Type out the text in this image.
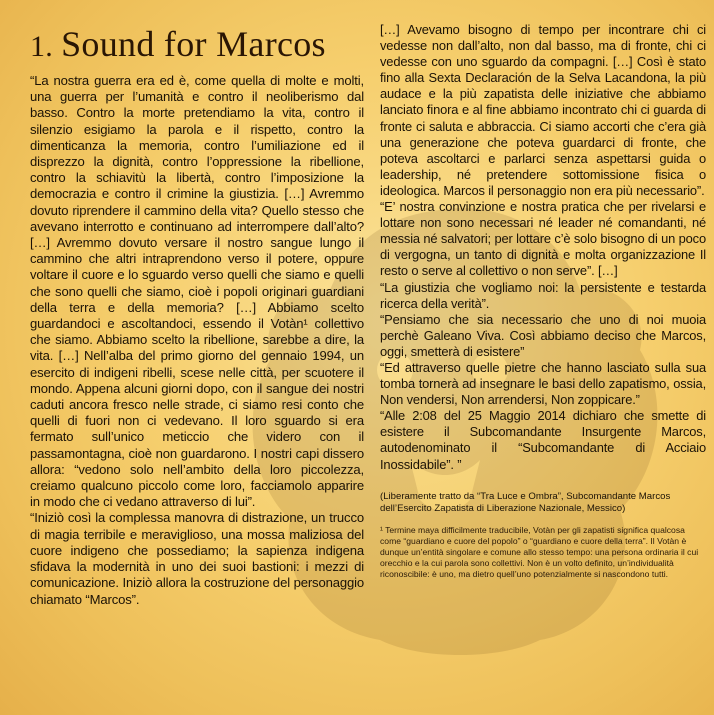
1. Sound for Marcos

“La nostra guerra era ed è, come quella di molte e molti, una guerra per l’umanità e contro il neoliberismo dal basso. Contro la morte pretendiamo la vita, contro il silenzio esigiamo la parola e il rispetto, contro la dimenticanza la memoria, contro l’umiliazione ed il disprezzo la dignità, contro l’oppressione la ribellione, contro la schiavitù la libertà, contro l’imposizione la democrazia e contro il crimine la giustizia. […] Avremmo dovuto riprendere il cammino della vita? Quello stesso che avevano interrotto e continuano ad interrompere dall’alto? […] Avremmo dovuto versare il nostro sangue lungo il cammino che altri intraprendono verso il potere, oppure voltare il cuore e lo sguardo verso quelli che siamo e quelli che sono quelli che siamo, cioè i popoli originari guardiani della terra e della memoria? […] Abbiamo scelto guardandoci e ascoltandoci, essendo il Votàn¹ collettivo che siamo. Abbiamo scelto la ribellione, sarebbe a dire, la vita. […] Nell’alba del primo giorno del gennaio 1994, un esercito di indigeni ribelli, scese nelle città, per scuotere il mondo. Appena alcuni giorni dopo, con il sangue dei nostri caduti ancora fresco nelle strade, ci siamo resi conto che quelli di fuori non ci vedevano. Il loro sguardo si era fermato sull’unico meticcio che videro con il passamontagna, cioè non guardarono. I nostri capi dissero allora: “vedono solo nell’ambito della loro piccolezza, creiamo qualcuno piccolo come loro, facciamolo apparire in modo che ci vedano attraverso di lui”.

“Iniziò così la complessa manovra di distrazione, un trucco di magia terribile e meraviglioso, una mossa maliziosa del cuore indigeno che possediamo; la sapienza indigena sfidava la modernità in uno dei suoi bastioni: i mezzi di comunicazione. Iniziò allora la costruzione del personaggio chiamato “Marcos”.

[…] Avevamo bisogno di tempo per incontrare chi ci vedesse non dall’alto, non dal basso, ma di fronte, chi ci vedesse con uno sguardo da compagni. […] Così è stato fino alla Sexta Declaración de la Selva Lacandona, la più audace e la più zapatista delle iniziative che abbiamo lanciato finora e al fine abbiamo incontrato chi ci guarda di fronte ci saluta e abbraccia. Ci siamo accorti che c’era già una generazione che poteva guardarci di fronte, che poteva ascoltarci e parlarci senza aspettarsi guida o leadership, né pretendere sottomissione fisica o ideologica. Marcos il personaggio non era più necessario”.

“E’ nostra convinzione e nostra pratica che per rivelarsi e lottare non sono necessari né leader né comandanti, né messia né salvatori; per lottare c’è solo bisogno di un poco di vergogna, un tanto di dignità e molta organizzazione Il resto o serve al collettivo o non serve”. […]

“La giustizia che vogliamo noi: la persistente e testarda ricerca della verità”.

“Pensiamo che sia necessario che uno di noi muoia perchè Galeano Viva. Così abbiamo deciso che Marcos, oggi, smetterà di esistere”

“Ed attraverso quelle pietre che hanno lasciato sulla sua tomba tornerà ad insegnare le basi dello zapatismo, ossia, Non vendersi, Non arrendersi, Non zoppicare.”

“Alle 2:08 del 25 Maggio 2014 dichiaro che smette di esistere il Subcomandante Insurgente Marcos, autodenominato il “Subcomandante di Acciaio Inossidabile”. ”

(Liberamente tratto da “Tra Luce e Ombra”, Subcomandante Marcos dell’Esercito Zapatista di Liberazione Nazionale, Messico)

¹ Termine maya difficilmente traducibile, Votàn per gli zapatisti significa qualcosa come “guardiano e cuore del popolo” o “guardiano e cuore della terra”. Il Votàn è dunque un’entità singolare e comune allo stesso tempo: una persona ordinaria il cui orecchio e la cui parola sono collettivi. Non è un volto definito, un’individualità riconoscibile: è uno, ma dietro quell’uno potenzialmente si nascondono tutti.
